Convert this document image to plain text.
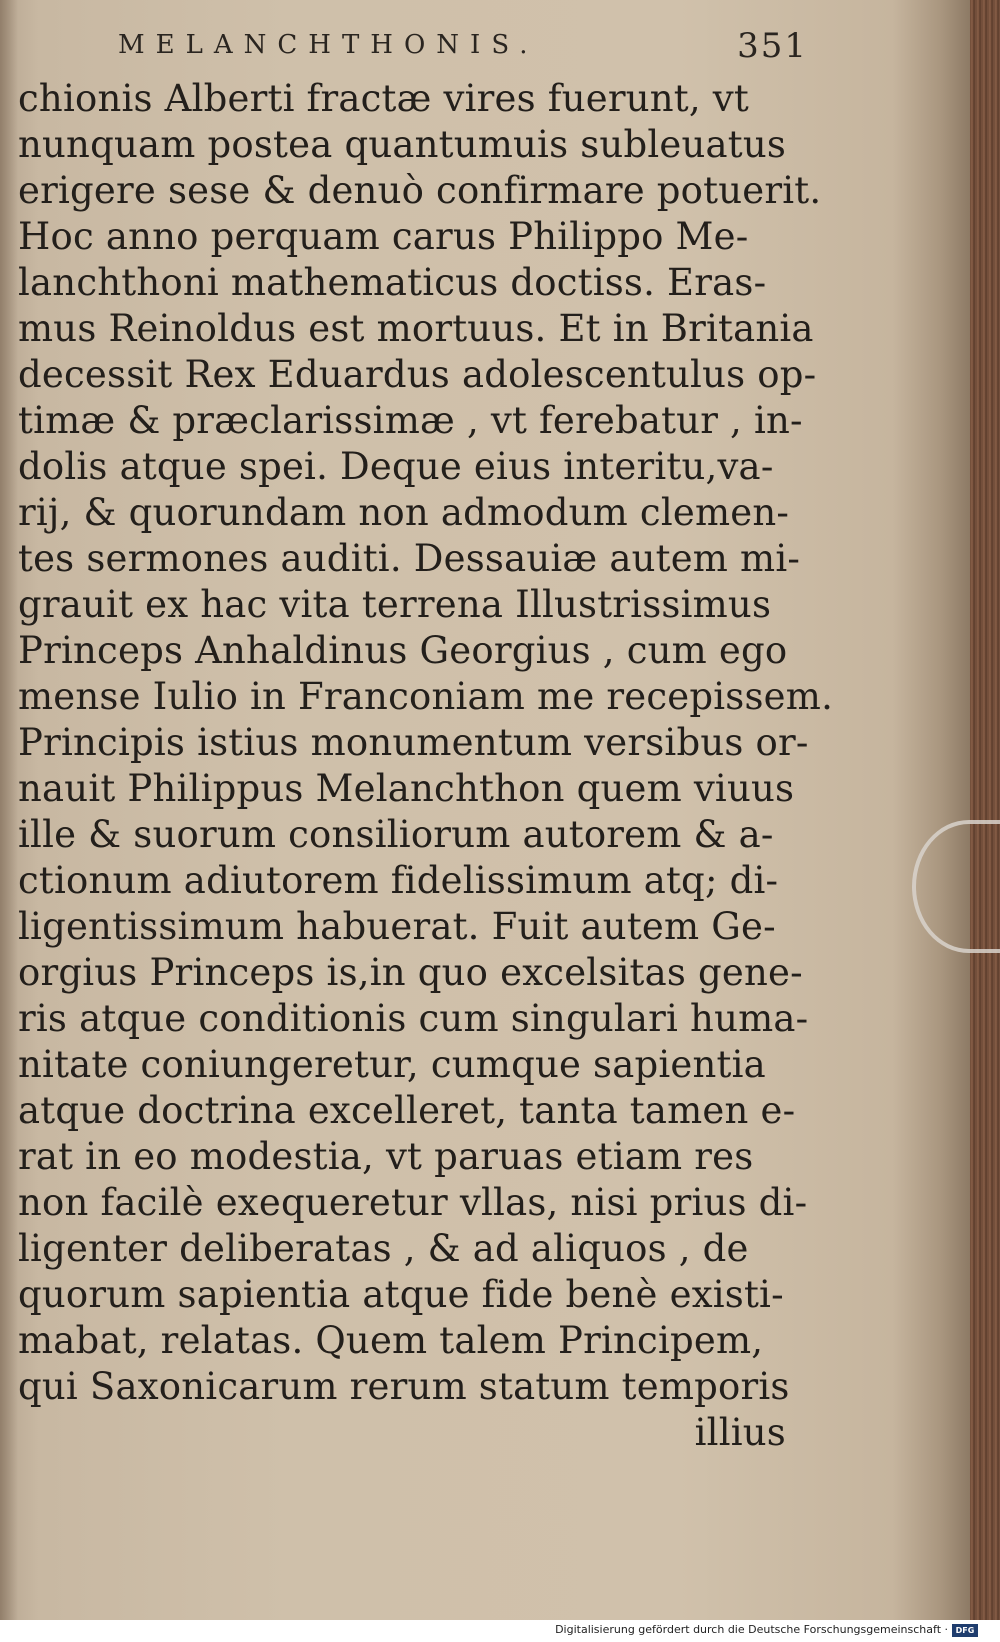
MELANCHTHONIS.	351
chionis Alberti fractæ vires fuerunt, vt
nunquam postea quantumuis subleuatus
erigere sese & denuò confirmare potuerit.
Hoc anno perquam carus Philippo Me-
lanchthoni mathematicus doctiss. Eras-
mus Reinoldus est mortuus. Et in Britania
decessit Rex Eduardus adolescentulus op-
timæ & præclarissimæ , vt ferebatur , in-
dolis atque spei. Deque eius interitu,va-
rij, & quorundam non admodum clemen-
tes sermones auditi. Dessauiæ autem mi-
grauit ex hac vita terrena Illustrissimus
Princeps Anhaldinus Georgius , cum ego
mense Iulio in Franconiam me recepissem.
Principis istius monumentum versibus or-
nauit Philippus Melanchthon quem viuus
ille & suorum consiliorum autorem & a-
ctionum adiutorem fidelissimum atq; di-
ligentissimum habuerat. Fuit autem Ge-
orgius Princeps is,in quo excelsitas gene-
ris atque conditionis cum singulari huma-
nitate coniungeretur, cumque sapientia
atque doctrina excelleret, tanta tamen e-
rat in eo modestia, vt paruas etiam res
non facilè exequeretur vllas, nisi prius di-
ligenter deliberatas , & ad aliquos , de
quorum sapientia atque fide benè existi-
mabat, relatas. Quem talem Principem,
qui Saxonicarum rerum statum temporis
illius
Digitalisierung gefördert durch die Deutsche Forschungsgemeinschaft · DFG
